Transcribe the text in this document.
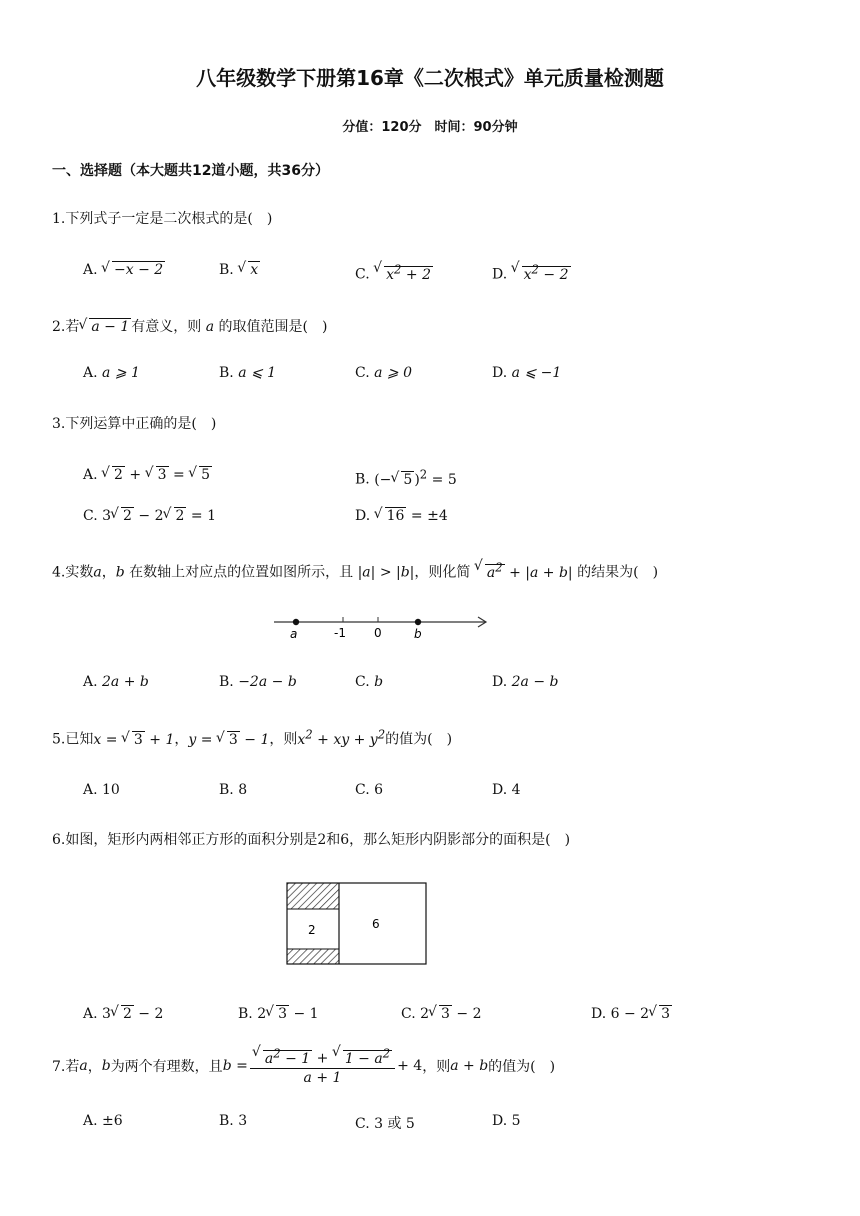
八年级数学下册第16章《二次根式》单元质量检测题
分值：120分　时间：90分钟
一、选择题（本大题共12道小题，共36分）
1.下列式子一定是二次根式的是(　)
A. √ −x − 2	B. √ x	C. √ $x^2 + 2$	D. √ $x^2 - 2$
2.若 √ a − 1 有意义，则 a 的取值范围是(　)
A. a ⩾ 1	B. a ⩽ 1	C. a ⩾ 0	D. a ⩽ −1
3.下列运算中正确的是(　)
A. √ 2 + √ 3 = √ 5	B. (− √ 5 )$^2$ = 5
C. 3 √ 2 − 2 √ 2 = 1	D. √ 16 = ±4
4.实数a，b 在数轴上对应点的位置如图所示，且 |a| > |b|，则化简 √ $a^2 + |a + b|$ 的结果为(　)
a	-1 0	b
A. 2a + b	B. −2a − b	C. b	D. 2a − b
5.已知x = √ 3 + 1，y = √ 3 − 1，则$x^2$ + xy + $y^2$的值为(　)
A. 10	B. 8	C. 6	D. 4
6.如图，矩形内两相邻正方形的面积分别是2和6，那么矩形内阴影部分的面积是(　)
2	6
A. 3 √ 2 − 2	B. 2 √ 3 − 1	C. 2 √ 3 − 2	D. 6 − 2 √ 3
7.若 a ， b 为两个有理数，且 b = √ $\frac{a^2 - 1 + √ 1 - a^2}{a + 1} + 4$ ，则 a + b 的值为(　)
A. ±6	B. 3	C. 3 或 5	D. 5
